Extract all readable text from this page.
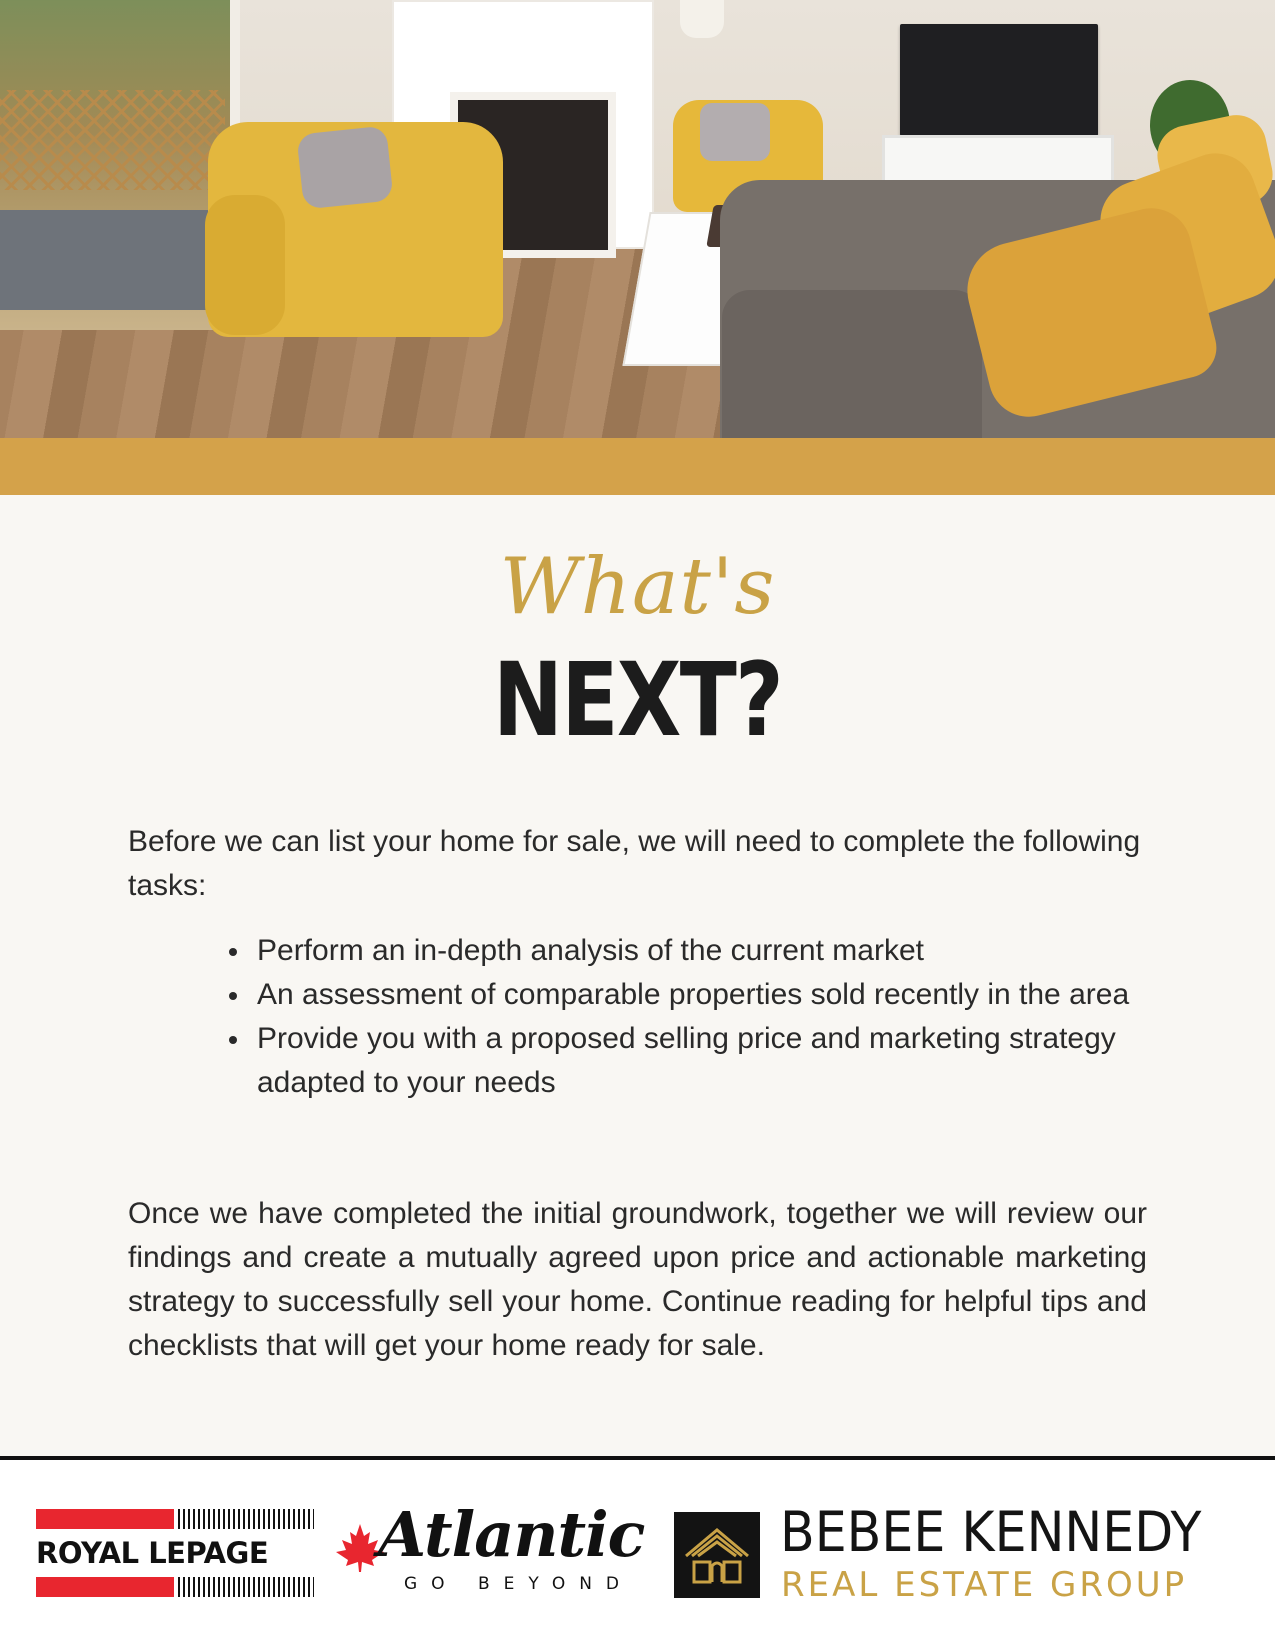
What's
NEXT?

Before we can list your home for sale, we will need to complete the following tasks:

Perform an in-depth analysis of the current market
An assessment of comparable properties sold recently in the area
Provide you with a proposed selling price and marketing strategy adapted to your needs

Once we have completed the initial groundwork, together we will review our findings and create a mutually agreed upon price and actionable marketing strategy to successfully sell your home. Continue reading for helpful tips and checklists that will get your home ready for sale.

ROYAL LEPAGE	Atlantic
GO BEYOND
BEBEE KENNEDY
REAL ESTATE GROUP
